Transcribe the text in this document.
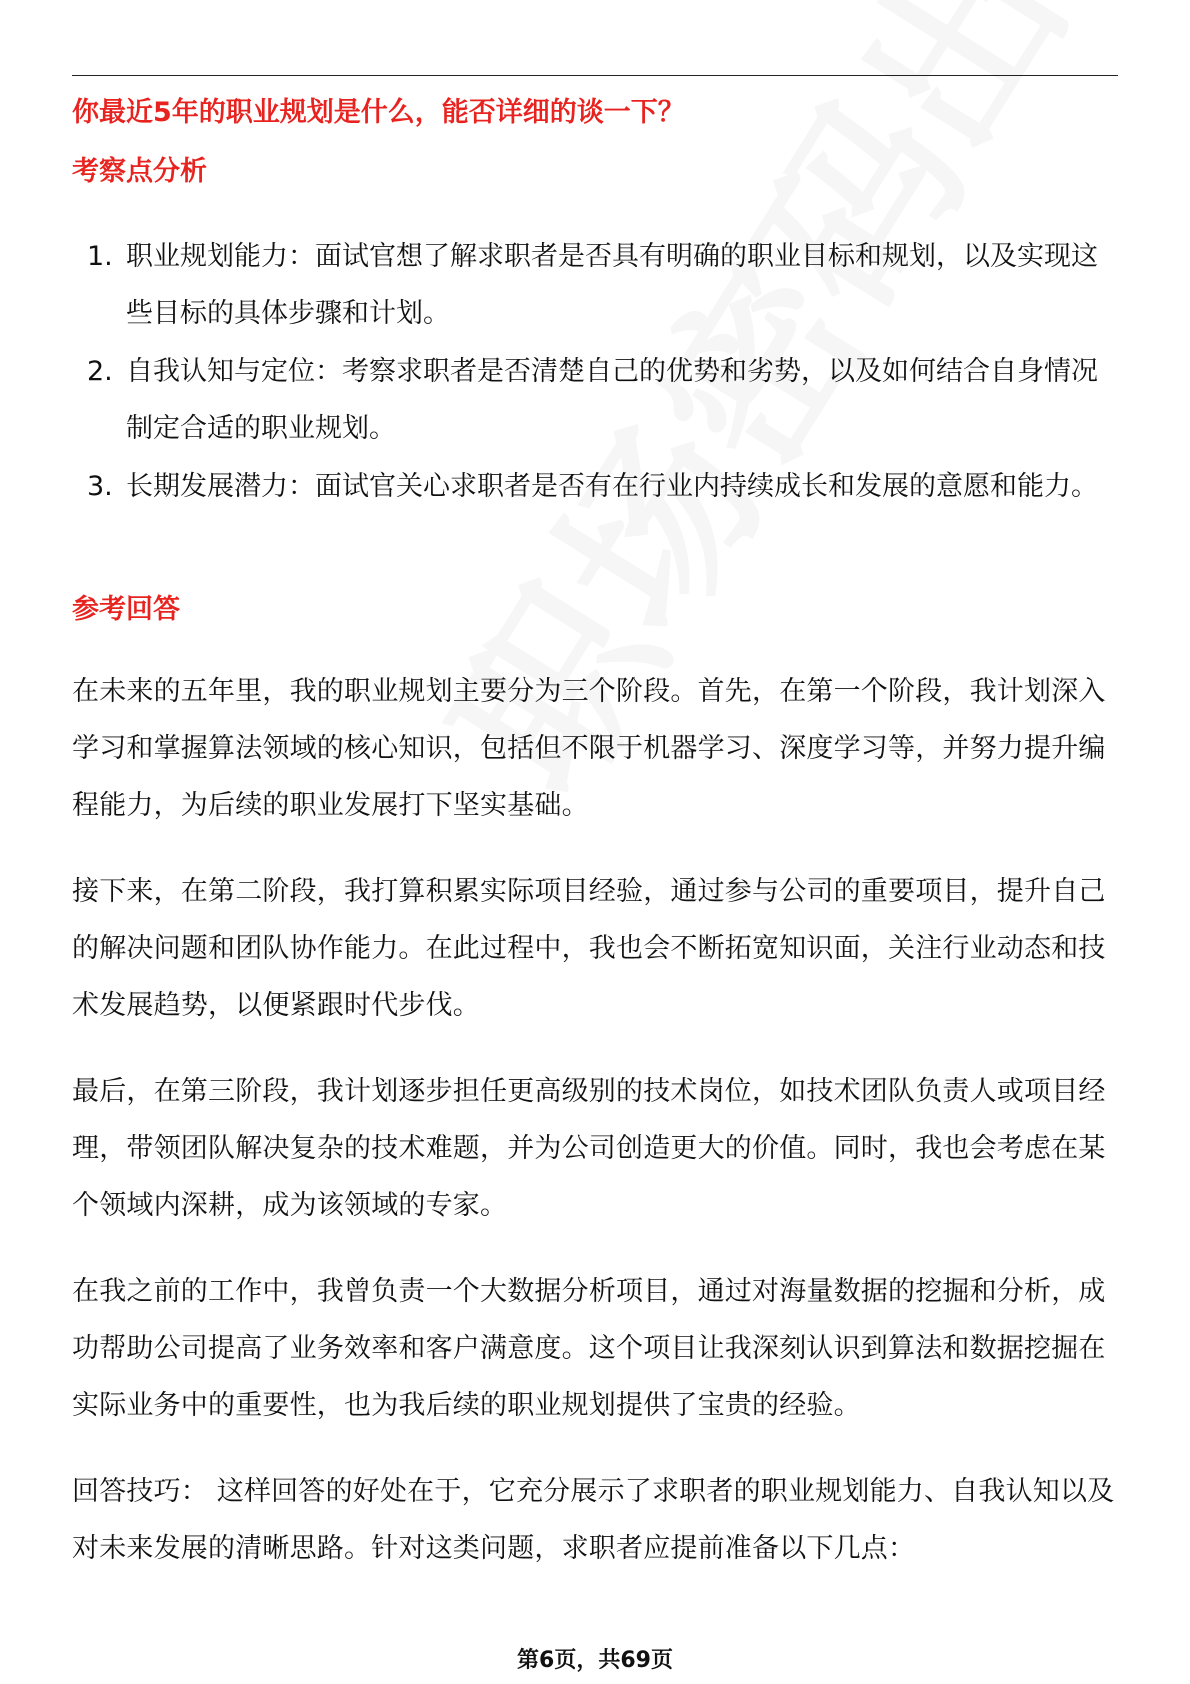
你最近5年的职业规划是什么，能否详细的谈一下？
考察点分析
1. 职业规划能力：面试官想了解求职者是否具有明确的职业目标和规划，以及实现这些目标的具体步骤和计划。
2. 自我认知与定位：考察求职者是否清楚自己的优势和劣势，以及如何结合自身情况制定合适的职业规划。
3. 长期发展潜力：面试官关心求职者是否有在行业内持续成长和发展的意愿和能力。
参考回答

在未来的五年里，我的职业规划主要分为三个阶段。首先，在第一个阶段，我计划深入学习和掌握算法领域的核心知识，包括但不限于机器学习、深度学习等，并努力提升编程能力，为后续的职业发展打下坚实基础。

接下来，在第二阶段，我打算积累实际项目经验，通过参与公司的重要项目，提升自己的解决问题和团队协作能力。在此过程中，我也会不断拓宽知识面，关注行业动态和技术发展趋势，以便紧跟时代步伐。

最后，在第三阶段，我计划逐步担任更高级别的技术岗位，如技术团队负责人或项目经理，带领团队解决复杂的技术难题，并为公司创造更大的价值。同时，我也会考虑在某个领域内深耕，成为该领域的专家。

在我之前的工作中，我曾负责一个大数据分析项目，通过对海量数据的挖掘和分析，成功帮助公司提高了业务效率和客户满意度。这个项目让我深刻认识到算法和数据挖掘在实际业务中的重要性，也为我后续的职业规划提供了宝贵的经验。

回答技巧： 这样回答的好处在于，它充分展示了求职者的职业规划能力、自我认知以及对未来发展的清晰思路。针对这类问题，求职者应提前准备以下几点：

第6页，共69页
